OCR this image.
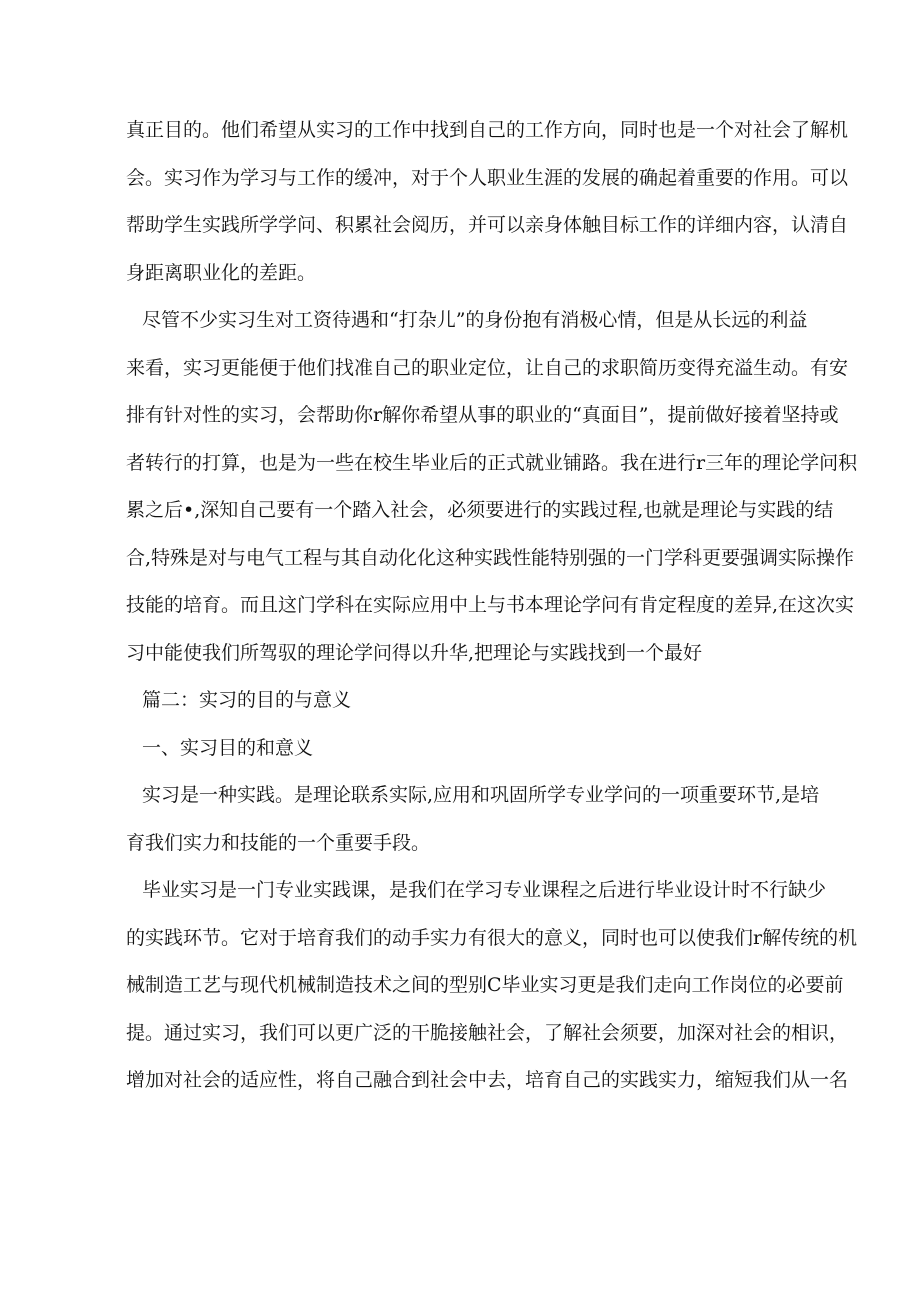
真正目的。他们希望从实习的工作中找到自己的工作方向，同时也是一个对社会了解机
会。实习作为学习与工作的缓冲，对于个人职业生涯的发展的确起着重要的作用。可以
帮助学生实践所学学问、积累社会阅历，并可以亲身体触目标工作的详细内容，认清自
身距离职业化的差距。
尽管不少实习生对工资待遇和“打杂儿”的身份抱有消极心情，但是从长远的利益
来看，实习更能便于他们找准自己的职业定位，让自己的求职简历变得充溢生动。有安
排有针对性的实习，会帮助你r解你希望从事的职业的“真面目”，提前做好接着坚持或
者转行的打算，也是为一些在校生毕业后的正式就业铺路。我在进行r三年的理论学问积
累之后•,深知自己要有一个踏入社会，必须要进行的实践过程,也就是理论与实践的结
合,特殊是对与电气工程与其自动化化这种实践性能特别强的一门学科更要强调实际操作
技能的培育。而且这门学科在实际应用中上与书本理论学问有肯定程度的差异,在这次实
习中能使我们所驾驭的理论学问得以升华,把理论与实践找到一个最好
篇二：实习的目的与意义
一、实习目的和意义
实习是一种实践。是理论联系实际,应用和巩固所学专业学问的一项重要环节,是培
育我们实力和技能的一个重要手段。
毕业实习是一门专业实践课，是我们在学习专业课程之后进行毕业设计时不行缺少
的实践环节。它对于培育我们的动手实力有很大的意义，同时也可以使我们r解传统的机
械制造工艺与现代机械制造技术之间的型别C毕业实习更是我们走向工作岗位的必要前
提。通过实习，我们可以更广泛的干脆接触社会，了解社会须要，加深对社会的相识，
增加对社会的适应性，将自己融合到社会中去，培育自己的实践实力，缩短我们从一名
